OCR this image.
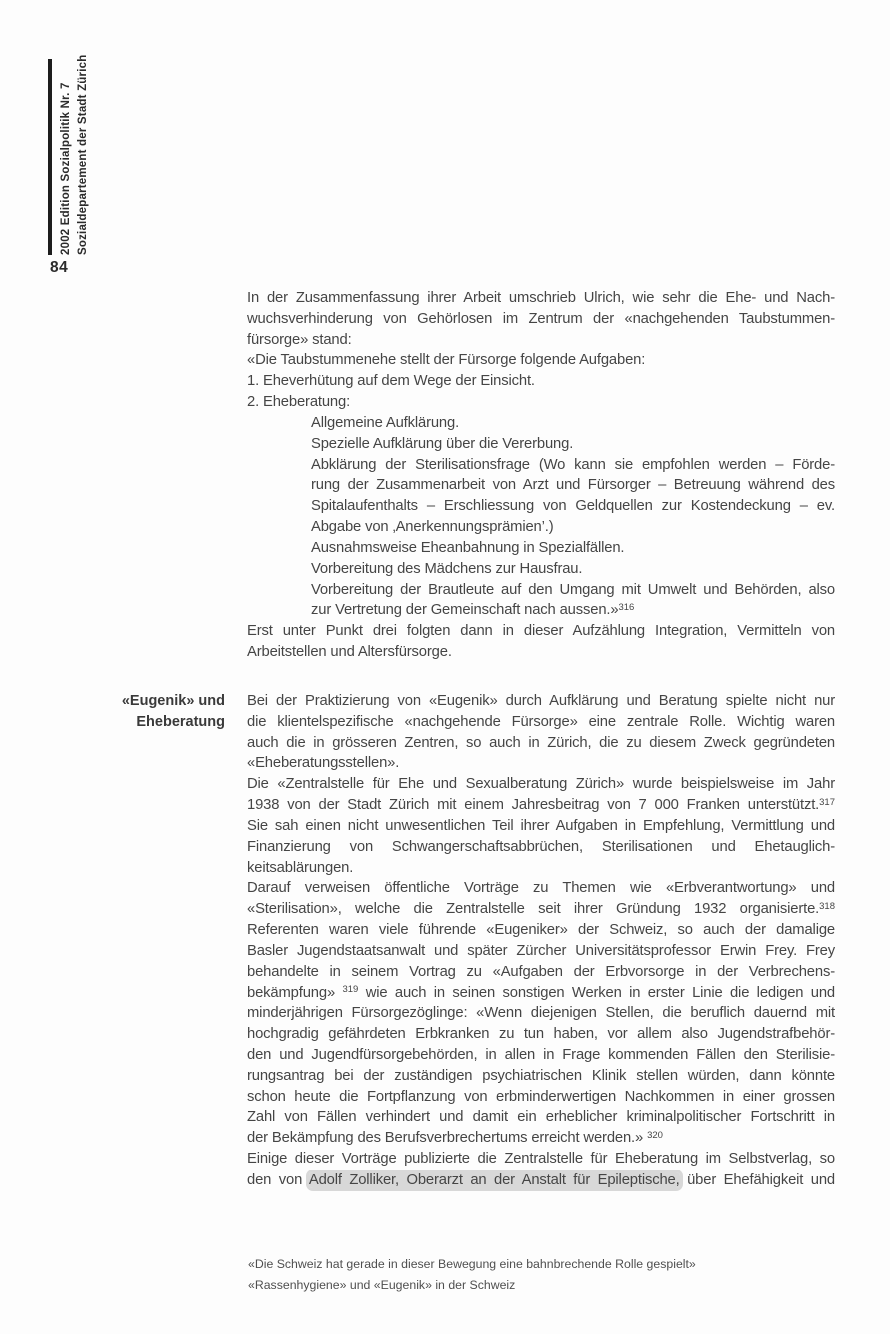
2002 Edition Sozialpolitik Nr. 7 Sozialdepartement der Stadt Zürich
84
«Eugenik» und
Eheberatung
In der Zusammenfassung ihrer Arbeit umschrieb Ulrich, wie sehr die Ehe- und Nach-
wuchsverhinderung von Gehörlosen im Zentrum der «nachgehenden Taubstummen-
fürsorge» stand:
«Die Taubstummenehe stellt der Fürsorge folgende Aufgaben:
1. Eheverhütung auf dem Wege der Einsicht.
2. Eheberatung:
Allgemeine Aufklärung.
Spezielle Aufklärung über die Vererbung.
Abklärung der Sterilisationsfrage (Wo kann sie empfohlen werden – Förde-
rung der Zusammenarbeit von Arzt und Fürsorger – Betreuung während des
Spitalaufenthalts – Erschliessung von Geldquellen zur Kostendeckung – ev.
Abgabe von ‚Anerkennungsprämien’.)
Ausnahmsweise Eheanbahnung in Spezialfällen.
Vorbereitung des Mädchens zur Hausfrau.
Vorbereitung der Brautleute auf den Umgang mit Umwelt und Behörden, also
zur Vertretung der Gemeinschaft nach aussen.»$^{316}$
Erst unter Punkt drei folgten dann in dieser Aufzählung Integration, Vermitteln von
Arbeitstellen und Altersfürsorge.
Bei der Praktizierung von «Eugenik» durch Aufklärung und Beratung spielte nicht nur
die klientelspezifische «nachgehende Fürsorge» eine zentrale Rolle. Wichtig waren
auch die in grösseren Zentren, so auch in Zürich, die zu diesem Zweck gegründeten
«Eheberatungsstellen».
Die «Zentralstelle für Ehe und Sexualberatung Zürich» wurde beispielsweise im Jahr
1938 von der Stadt Zürich mit einem Jahresbeitrag von 7 000 Franken unterstützt.$^{317}$
Sie sah einen nicht unwesentlichen Teil ihrer Aufgaben in Empfehlung, Vermittlung und
Finanzierung von Schwangerschaftsabbrüchen, Sterilisationen und Ehetauglich-
keitsablärungen.
Darauf verweisen öffentliche Vorträge zu Themen wie «Erbverantwortung» und
«Sterilisation», welche die Zentralstelle seit ihrer Gründung 1932 organisierte.$^{318}$
Referenten waren viele führende «Eugeniker» der Schweiz, so auch der damalige
Basler Jugendstaatsanwalt und später Zürcher Universitätsprofessor Erwin Frey. Frey
behandelte in seinem Vortrag zu «Aufgaben der Erbvorsorge in der Verbrechens-
bekämpfung» $^{319}$ wie auch in seinen sonstigen Werken in erster Linie die ledigen und
minderjährigen Fürsorgezöglinge: «Wenn diejenigen Stellen, die beruflich dauernd mit
hochgradig gefährdeten Erbkranken zu tun haben, vor allem also Jugendstrafbehör-
den und Jugendfürsorgebehörden, in allen in Frage kommenden Fällen den Sterilisie-
rungsantrag bei der zuständigen psychiatrischen Klinik stellen würden, dann könnte
schon heute die Fortpflanzung von erbminderwertigen Nachkommen in einer grossen
Zahl von Fällen verhindert und damit ein erheblicher kriminalpolitischer Fortschritt in
der Bekämpfung des Berufsverbrechertums erreicht werden.» $^{320}$
Einige dieser Vorträge publizierte die Zentralstelle für Eheberatung im Selbstverlag, so
den von Adolf Zolliker, Oberarzt an der Anstalt für Epileptische, über Ehefähigkeit und
«Die Schweiz hat gerade in dieser Bewegung eine bahnbrechende Rolle gespielt»
«Rassenhygiene» und «Eugenik» in der Schweiz
